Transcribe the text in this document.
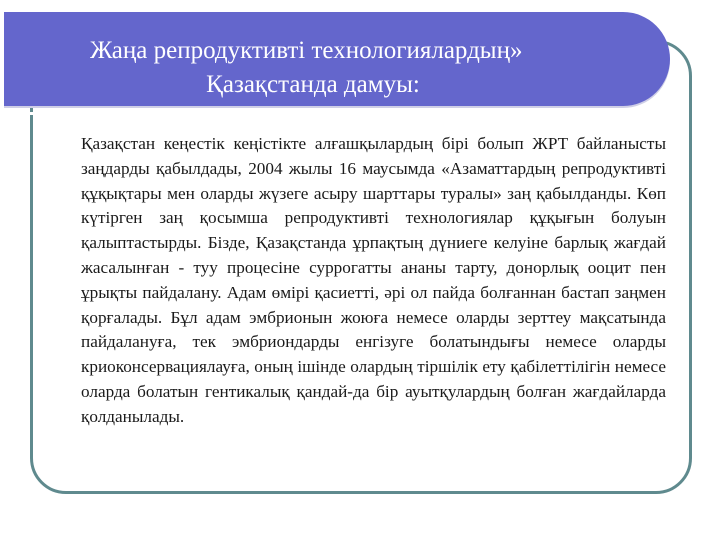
Жаңа репродуктивті технологиялардың»
Қазақстанда дамуы:

Қазақстан кеңестік кеңістікте алғашқылардың бірі болып ЖРТ байланысты заңдарды қабылдады, 2004 жылы 16 маусымда «Азаматтардың репродуктивті құқықтары мен оларды жүзеге асыру шарттары туралы» заң қабылданды. Көп күтірген заң қосымша репродуктивті технологиялар құқығын болуын қалыптастырды. Бізде, Қазақстанда ұрпақтың дүниеге келуіне барлық жағдай жасалынған - туу процесіне суррогатты ананы тарту, донорлық ооцит пен ұрықты пайдалану. Адам өмірі қасиетті, әрі ол пайда болғаннан бастап заңмен қорғалады. Бұл адам эмбрионын жоюға немесе оларды зерттеу мақсатында пайдалануға, тек эмбриондарды енгізуге болатындығы немесе оларды криоконсервациялауға, оның ішінде олардың тіршілік ету қабілеттілігін немесе оларда болатын гентикалық қандай-да бір ауытқулардың болған жағдайларда қолданылады.
